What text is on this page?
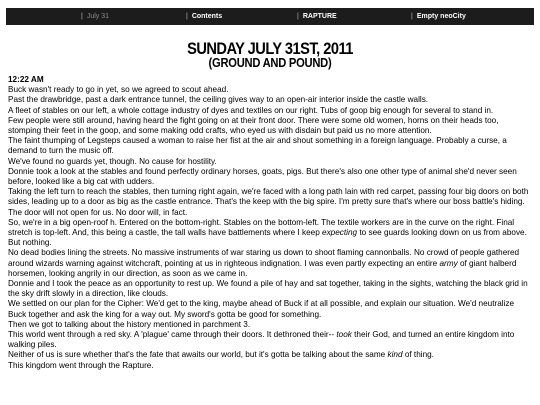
| July 31	| Contents	| RAPTURE	| Empty neoCity
SUNDAY JULY 31ST, 2011
(GROUND AND POUND)

12:22 AM

Buck wasn't ready to go in yet, so we agreed to scout ahead.

Past the drawbridge, past a dark entrance tunnel, the ceiling gives way to an open-air interior inside the castle walls.

A fleet of stables on our left, a whole cottage industry of dyes and textiles on our right. Tubs of goop big enough for several to stand in.

Few people were still around, having heard the fight going on at their front door. There were some old women, horns on their heads too, stomping their feet in the goop, and some making odd crafts, who eyed us with disdain but paid us no more attention.

The faint thumping of Legsteps caused a woman to raise her fist at the air and shout something in a foreign language. Probably a curse, a demand to turn the music off.

We've found no guards yet, though. No cause for hostility.

Donnie took a look at the stables and found perfectly ordinary horses, goats, pigs. But there's also one other type of animal she'd never seen before, looked like a big cat with udders.

Taking the left turn to reach the stables, then turning right again, we're faced with a long path lain with red carpet, passing four big doors on both sides, leading up to a door as big as the castle entrance. That's the keep with the big spire. I'm pretty sure that's where our boss battle's hiding.

The door will not open for us. No door will, in fact.

So, we're in a big open-roof h. Entered on the bottom-right. Stables on the bottom-left. The textile workers are in the curve on the right. Final stretch is top-left. And, this being a castle, the tall walls have battlements where I keep expecting to see guards looking down on us from above.

But nothing.

No dead bodies lining the streets. No massive instruments of war staring us down to shoot flaming cannonballs. No crowd of people gathered around wizards warning against witchcraft, pointing at us in righteous indignation. I was even partly expecting an entire army of giant halberd horsemen, looking angrily in our direction, as soon as we came in.

Donnie and I took the peace as an opportunity to rest up. We found a pile of hay and sat together, taking in the sights, watching the black grid in the sky drift slowly in a direction, like clouds.

We settled on our plan for the Cipher: We'd get to the king, maybe ahead of Buck if at all possible, and explain our situation. We'd neutralize Buck together and ask the king for a way out. My sword's gotta be good for something.

Then we got to talking about the history mentioned in parchment 3.

This world went through a red sky. A 'plague' came through their doors. It dethroned their-- took their God, and turned an entire kingdom into walking piles.

Neither of us is sure whether that's the fate that awaits our world, but it's gotta be talking about the same kind of thing.

This kingdom went through the Rapture.
